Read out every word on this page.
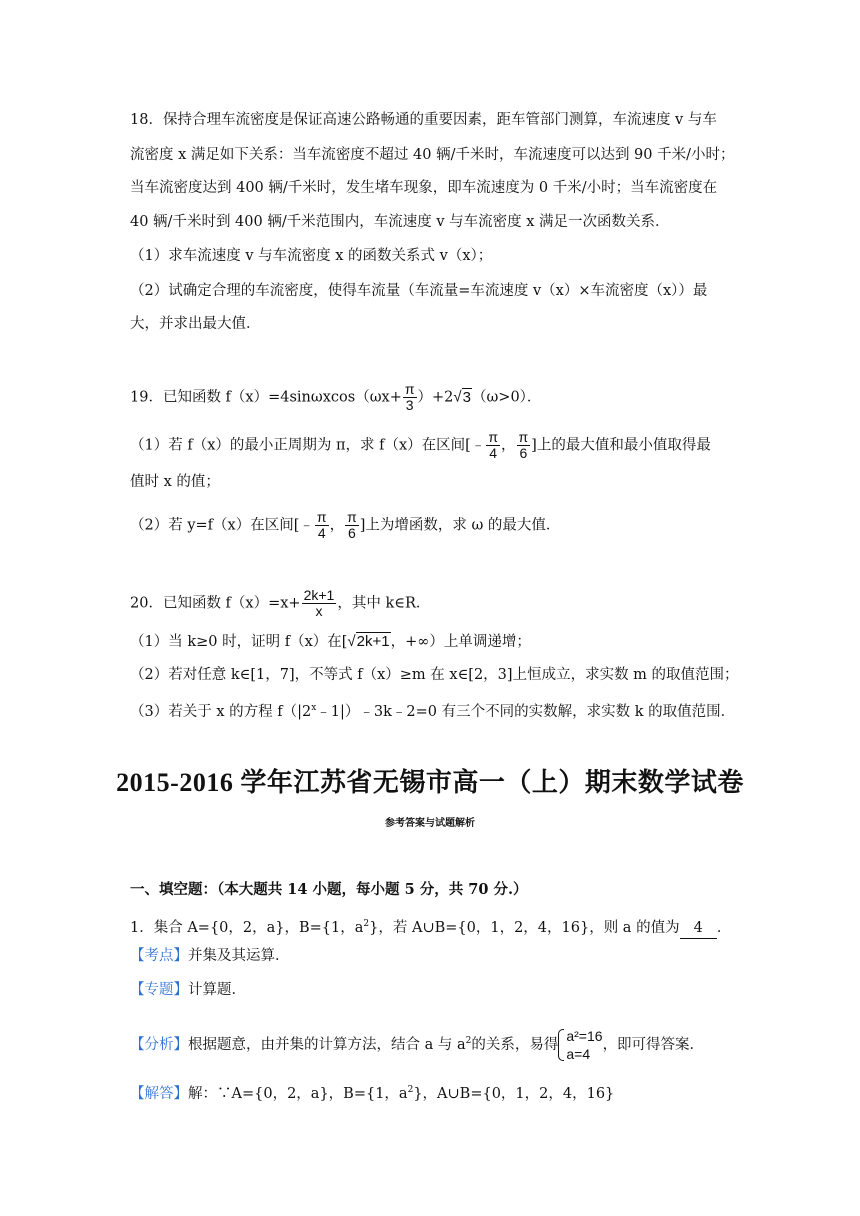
18．保持合理车流密度是保证高速公路畅通的重要因素，距车管部门测算，车流速度 v 与车
流密度 x 满足如下关系：当车流密度不超过 40 辆/千米时，车流速度可以达到 90 千米/小时；
当车流密度达到 400 辆/千米时，发生堵车现象，即车流速度为 0 千米/小时；当车流密度在
40 辆/千米时到 400 辆/千米范围内，车流速度 v 与车流密度 x 满足一次函数关系．
（1）求车流速度 v 与车流密度 x 的函数关系式 v（x）；
（2）试确定合理的车流密度，使得车流量（车流量=车流速度 v（x）×车流密度（x））最
大，并求出最大值．
19．已知函数 $f(x)=4\sin\omega xcos(\omega x+ \frac{\pi}{3} )+2√3(\omega>0)$．
（1）若 f（x）的最小正周期为 π，求 f（x）在区间[﹣ $\frac{\pi}{4}$ ， $\frac{\pi}{6}$ ]上的最大值和最小值取得最
值时 x 的值；
（2）若 y=f（x）在区间[﹣ $\frac{\pi}{4}$ ， $\frac{\pi}{6}$ ]上为增函数，求 ω 的最大值．
20．已知函数 $f(x)=x+ \frac{2k+1}{x}$ ，其中 k∈R．
（1）当 k≥0 时，证明 f（x）在[√2k+1，+∞）上单调递增；
（2）若对任意 k∈[1，7]，不等式 f（x）≥m 在 x∈[2，3]上恒成立，求实数 m 的取值范围；
（3）若关于 x 的方程 $f(|2^x﹣1|)﹣3k﹣2=0$ 有三个不同的实数解，求实数 k 的取值范围．
2015-2016 学年江苏省无锡市高一（上）期末数学试卷
参考答案与试题解析
一、填空题：（本大题共 14 小题，每小题 5 分，共 70 分.）
1．集合 A={0，2，a}，B={1，$a^2$}，若 A∪B={0，1，2，4，16}，则 a 的值为 4 ．
【考点】并集及其运算．
【专题】计算题．
【分析】根据题意，由并集的计算方法，结合 a 与 $a^2$的关系，易得
a²=16
a=4
，即可得答案．
【解答】解：∵A={0，2，a}，B={1，$a^2$}，A∪B={0，1，2，4，16}
